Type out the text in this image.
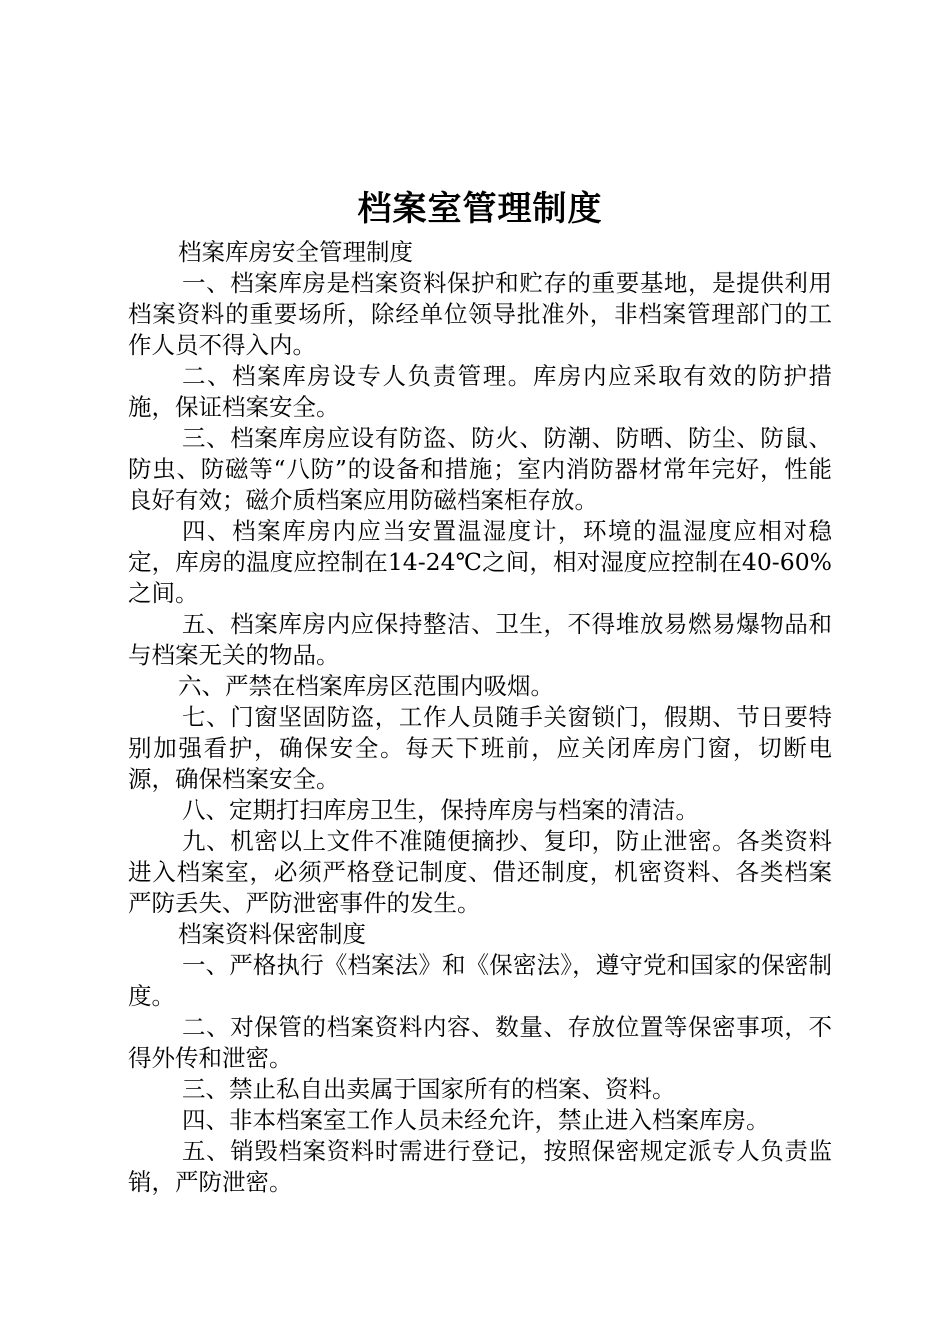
档案室管理制度

档案库房安全管理制度

一、档案库房是档案资料保护和贮存的重要基地，是提供利用档案资料的重要场所，除经单位领导批准外，非档案管理部门的工作人员不得入内。

二、档案库房设专人负责管理。库房内应采取有效的防护措施，保证档案安全。

三、档案库房应设有防盗、防火、防潮、防晒、防尘、防鼠、防虫、防磁等“八防”的设备和措施；室内消防器材常年完好，性能良好有效；磁介质档案应用防磁档案柜存放。

四、档案库房内应当安置温湿度计，环境的温湿度应相对稳定，库房的温度应控制在14-24℃之间，相对湿度应控制在40-60%之间。

五、档案库房内应保持整洁、卫生，不得堆放易燃易爆物品和与档案无关的物品。

六、严禁在档案库房区范围内吸烟。

七、门窗坚固防盗，工作人员随手关窗锁门，假期、节日要特别加强看护，确保安全。每天下班前，应关闭库房门窗，切断电源，确保档案安全。

八、定期打扫库房卫生，保持库房与档案的清洁。

九、机密以上文件不准随便摘抄、复印，防止泄密。各类资料进入档案室，必须严格登记制度、借还制度，机密资料、各类档案严防丢失、严防泄密事件的发生。

档案资料保密制度

一、严格执行《档案法》和《保密法》，遵守党和国家的保密制度。

二、对保管的档案资料内容、数量、存放位置等保密事项，不得外传和泄密。

三、禁止私自出卖属于国家所有的档案、资料。

四、非本档案室工作人员未经允许，禁止进入档案库房。

五、销毁档案资料时需进行登记，按照保密规定派专人负责监销，严防泄密。
